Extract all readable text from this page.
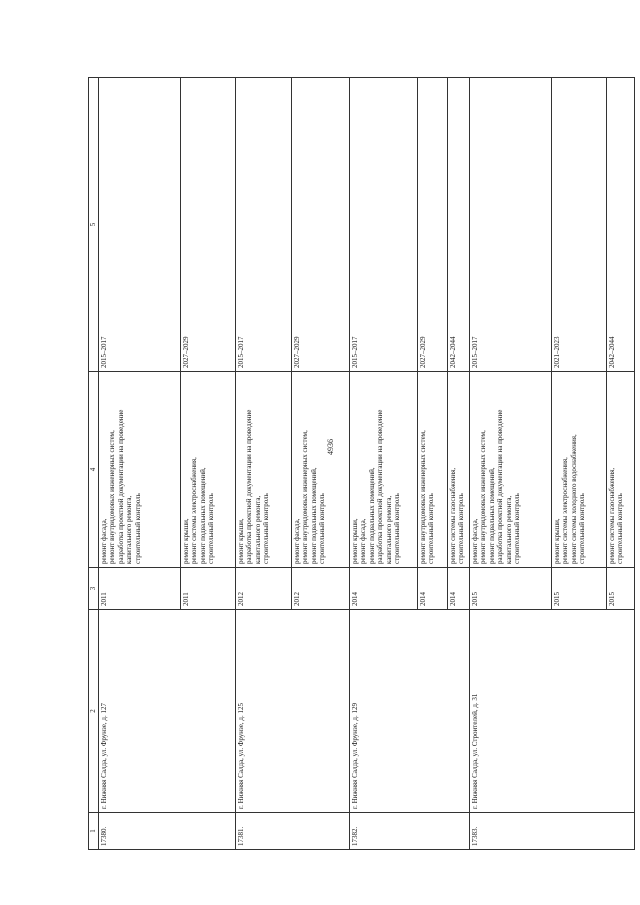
4936
1	2	3	4	5
17380.	г. Нижняя Салда, ул. Фрунзе, д. 127	2011	ремонт фасада,
ремонт внутридомовых инженерных систем,
разработка проектной документации на проведение капитального ремонта,
строительный контроль	2015–2017
		2011	ремонт крыши,
ремонт системы электроснабжения,
ремонт подвальных помещений,
строительный контроль	2027–2029
17381.	г. Нижняя Салда, ул. Фрунзе, д. 125	2012	ремонт крыши,
разработка проектной документации на проведение капитального ремонта,
строительный контроль	2015–2017
		2012	ремонт фасада,
ремонт внутридомовых инженерных систем,
ремонт подвальных помещений,
строительный контроль	2027–2029
17382.	г. Нижняя Салда, ул. Фрунзе, д. 129	2014	ремонт крыши,
ремонт фасада,
ремонт подвальных помещений,
разработка проектной документации на проведение капитального ремонта,
строительный контроль	2015–2017
		2014	ремонт внутридомовых инженерных систем,
строительный контроль	2027–2029
		2014	ремонт системы газоснабжения,
строительный контроль	2042–2044
17383.	г. Нижняя Салда, ул. Строителей, д. 31	2015	ремонт фасада,
ремонт внутридомовых инженерных систем,
ремонт подвальных помещений,
разработка проектной документации на проведение капитального ремонта,
строительный контроль	2015–2017
		2015	ремонт крыши,
ремонт системы электроснабжения,
ремонт системы холодного водоснабжения,
строительный контроль	2021–2023
		2015	ремонт системы газоснабжения,
строительный контроль	2042–2044
